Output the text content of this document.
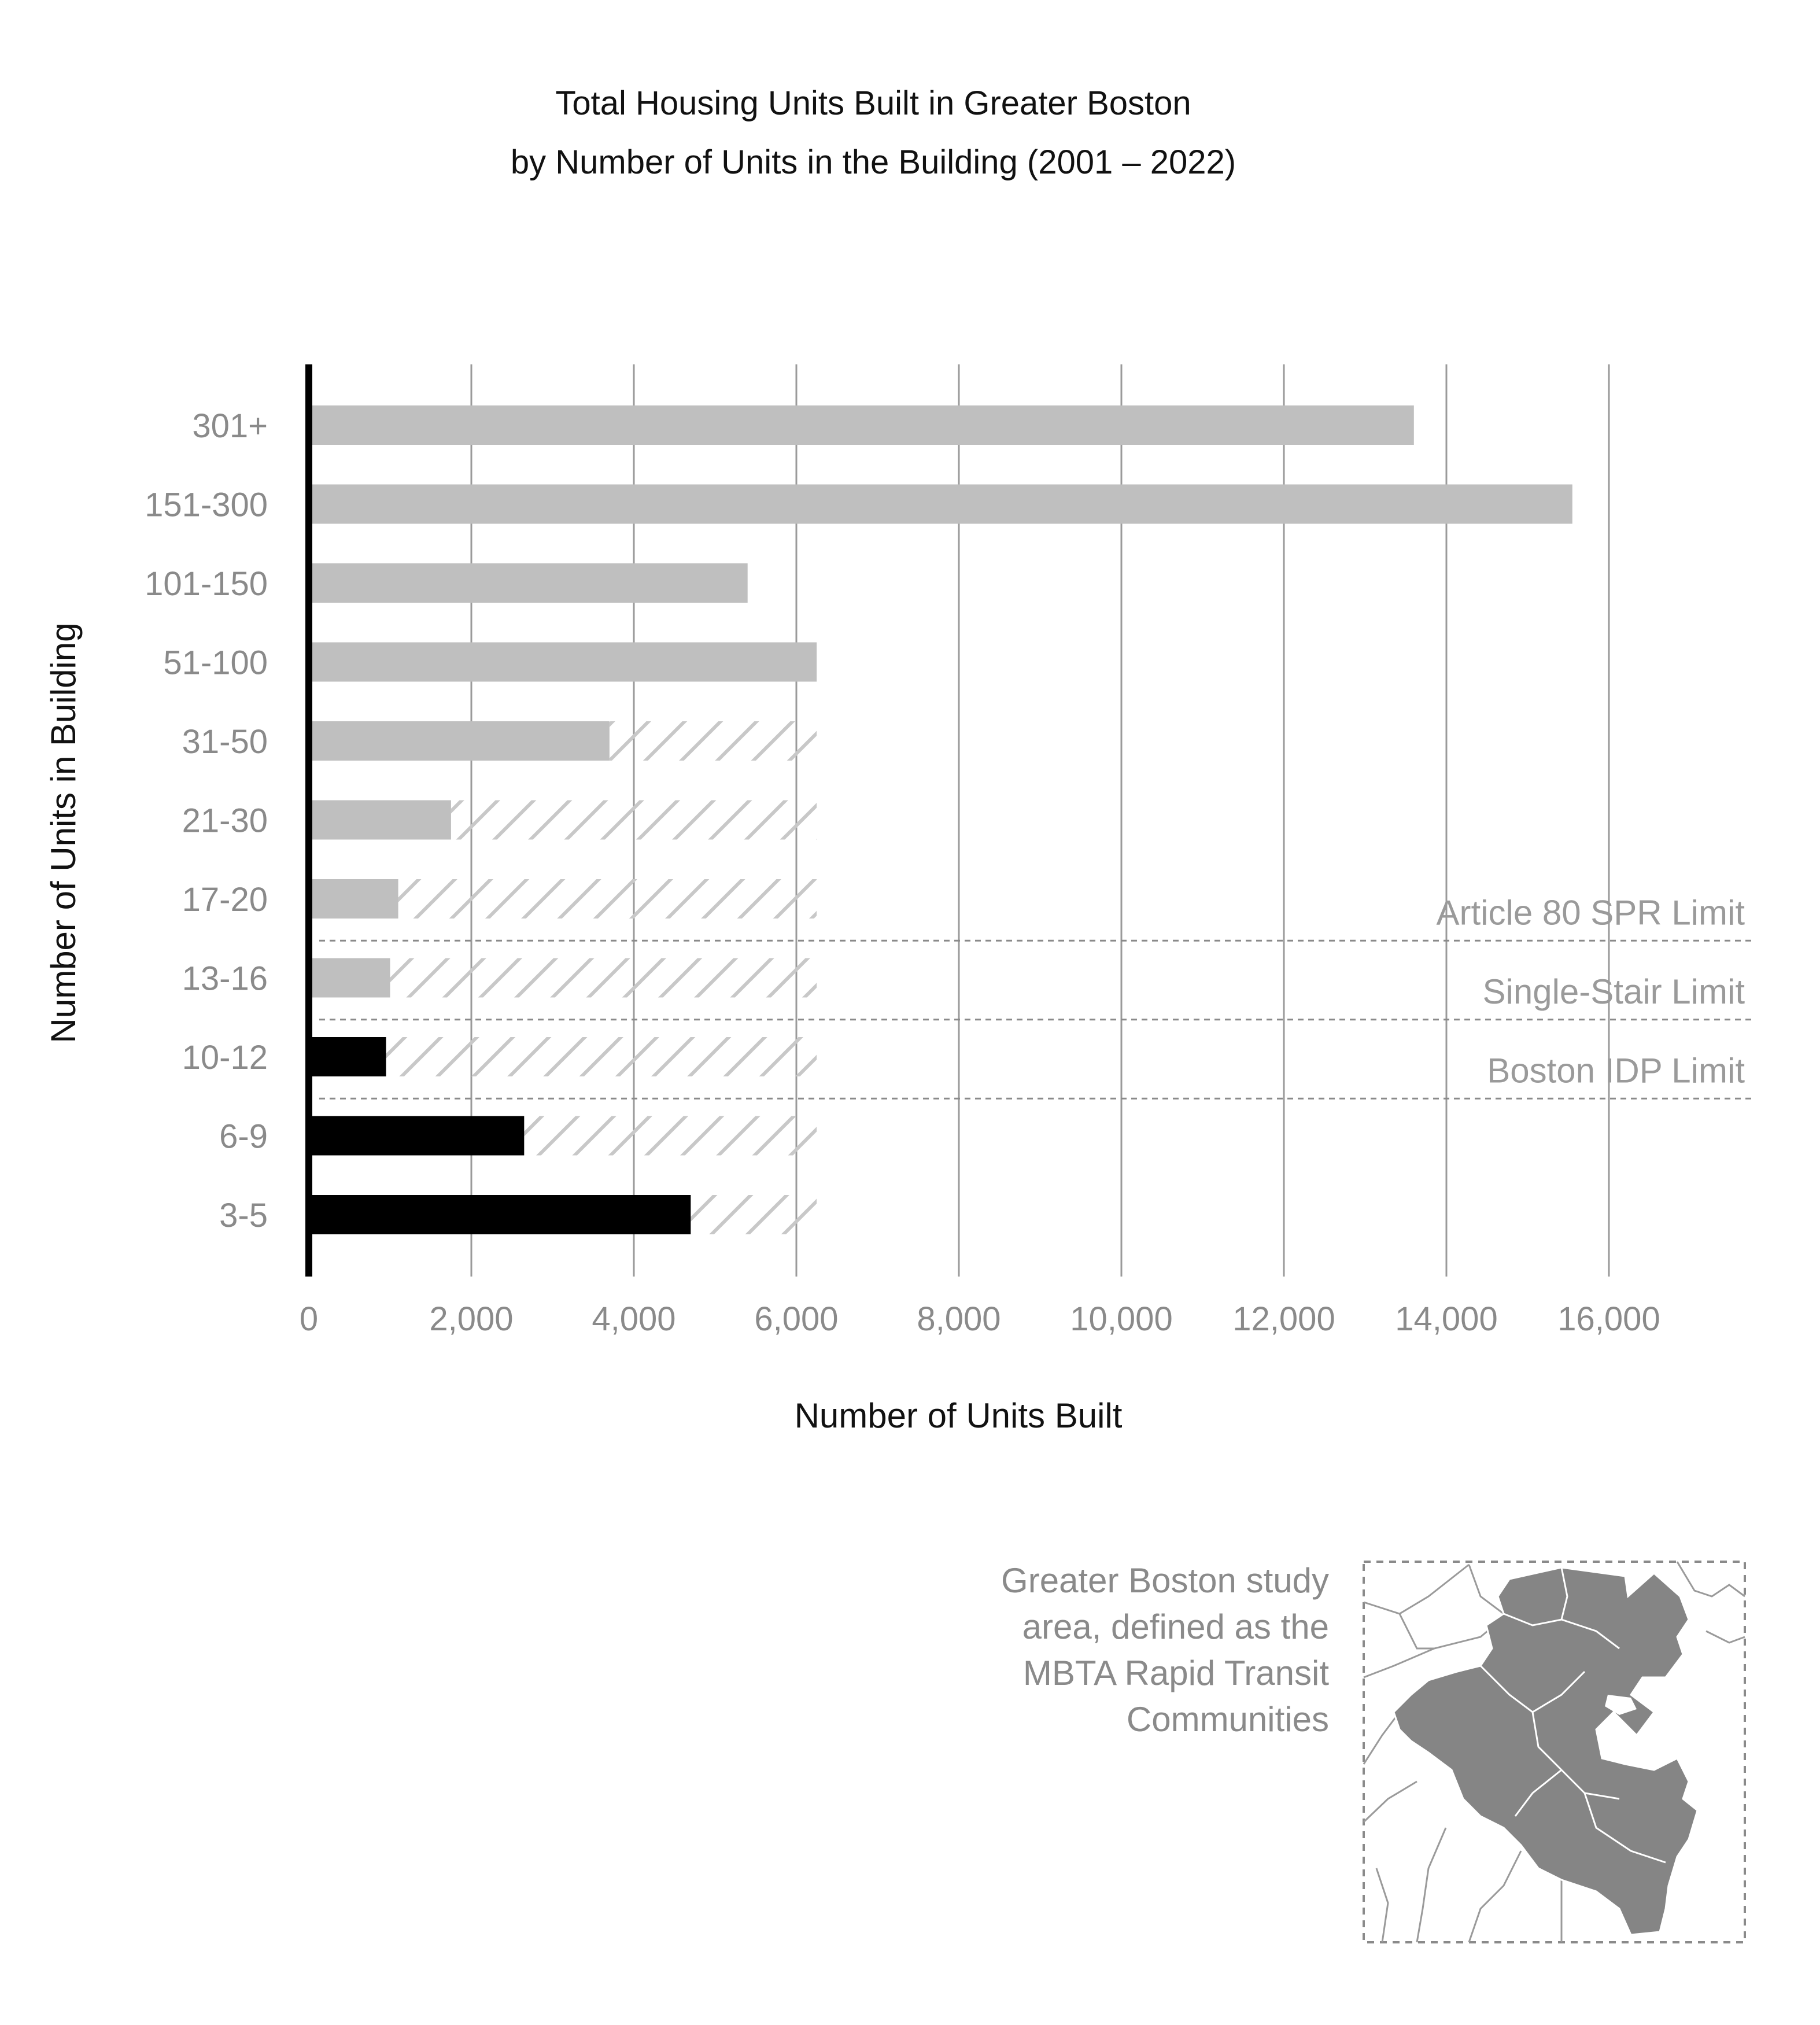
Total Housing Units Built in Greater Boston
by Number of Units in the Building (2001 – 2022)
Article 80 SPR Limit
Single-Stair Limit
Boston IDP Limit
301+
151-300
101-150
51-100
31-50
21-30
17-20
13-16
10-12
6-9
3-5
0	2,000 4,000 6,000 8,000 10,000 12,000 14,000 16,000
Number of Units Built
Number of Units in Building
Greater Boston study
area, defined as the
MBTA Rapid Transit
Communities
